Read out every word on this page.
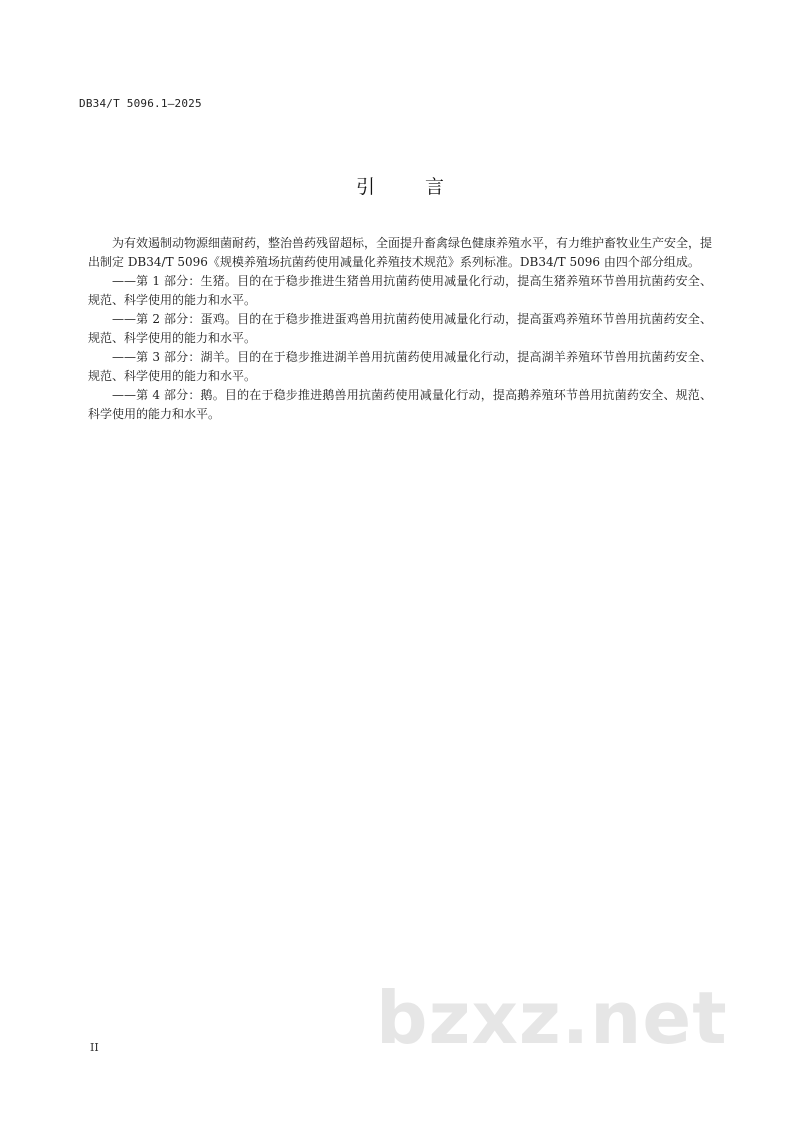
DB34/T 5096.1—2025
引 言

为有效遏制动物源细菌耐药，整治兽药残留超标，全面提升畜禽绿色健康养殖水平，有力维护畜牧业生产安全，提出制定 DB34/T 5096《规模养殖场抗菌药使用减量化养殖技术规范》系列标准。DB34/T 5096 由四个部分组成。

——第 1 部分：生猪。目的在于稳步推进生猪兽用抗菌药使用减量化行动，提高生猪养殖环节兽用抗菌药安全、规范、科学使用的能力和水平。

——第 2 部分：蛋鸡。目的在于稳步推进蛋鸡兽用抗菌药使用减量化行动，提高蛋鸡养殖环节兽用抗菌药安全、规范、科学使用的能力和水平。

——第 3 部分：湖羊。目的在于稳步推进湖羊兽用抗菌药使用减量化行动，提高湖羊养殖环节兽用抗菌药安全、规范、科学使用的能力和水平。

——第 4 部分：鹅。目的在于稳步推进鹅兽用抗菌药使用减量化行动，提高鹅养殖环节兽用抗菌药安全、规范、科学使用的能力和水平。

II	bzxz.net
